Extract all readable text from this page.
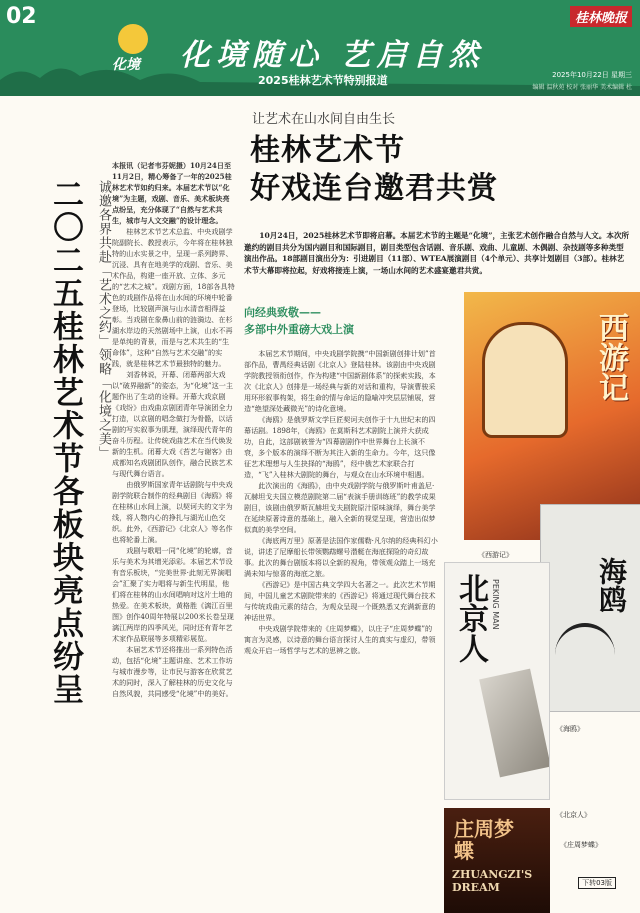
02
化境 化境随心 艺启自然
2025桂林艺术节特别报道
桂林晚报
2025年10月22日 星期三
编辑 温秋苑 校对 张丽华 美术编辑 杜
二〇二五桂林艺术节各板块亮点纷呈	诚邀各界共赴「艺术之约」领略「化境之美」

本报讯（记者韦芬妮摄）10月24日至11月2日，精心筹备了一年的2025桂林艺术节如约归来。本届艺术节以“化境”为主题，戏剧、音乐、美术板块亮点纷呈，充分体现了“自然与艺术共生，城市与人文交融”的设计理念。

桂林艺术节艺术总监、中央戏剧学院副院长、教授表示，今年将在桂林独特的山水实景之中，呈现一系列跨界、沉浸、具有在地美学的戏剧、音乐、美术作品，构建一座开放、立体、多元的“艺术之城”。戏剧方面，18部各具特色的戏剧作品将在山水间的环境中轮番登场，比较剧声演与山水清音相得益彰。当戏剧在象鼻山前的涟漪边、在杉湖水岸边的天然剧场中上演，山水不再是单纯的背景，而是与艺术共生的“生命体”，这种“自然与艺术交融”的实践，就是桂林艺术节最独特的魅力。

刘香林说，开幕、闭幕两部大戏以“破界融新”的姿态，为“化境”这一主题作出了生动的诠释。开幕大戏京剧《戏纷》由戏曲京剧团青年导演团全力打造，以京剧的唱念做打为骨骼，以话剧的写实叙事为肌理，演绎现代青年的奋斗历程。让传统戏曲艺术在当代焕发新的生机。闭幕大戏《苔艺与谢客》由成都知名戏剧团队创作，融合民族艺术与现代舞台语言。

由俄罗斯国家青年话剧院与中央戏剧学院联合制作的经典剧目《海鸥》将在桂林山水间上演，以契诃夫的文字为线，将人物内心的挣扎与湖光山色交织。此外，《西游记》《北京人》等名作也将轮番上演。

戏剧与歌唱一同“化境”的轮廓，音乐与美术为其增光添彩。本届艺术节设有音乐板块，“完美世界·此刻无界演唱会”汇聚了实力唱将与新生代明星，他们将在桂林的山水间唱响对这片土地的热爱。在美术板块，黄格胜《漓江百里图》创作40周年特展以200米长卷呈现漓江两岸的四季风光，同时还有青年艺术家作品联展等多项精彩展览。

本届艺术节还将推出一系列特色活动，包括“化境”主题讲座、艺术工作坊与城市漫步等，让市民与游客在欣赏艺术的同时，深入了解桂林的历史文化与自然风貌，共同感受“化境”中的美好。

让艺术在山水间自由生长
桂林艺术节
好戏连台邀君共赏
10月24日，2025桂林艺术节即将启幕。本届艺术节的主题是“化境”，主张艺术创作融合自然与人文。本次所邀约的剧目共分为国内剧目和国际剧目，剧目类型包含话剧、音乐剧、戏曲、儿童剧、木偶剧、杂技剧等多种类型演出作品。18部剧目演出分为：引进剧目（11部）、WTEA展演剧目（4个单元）、共享计划剧目（3部）。桂林艺术节大幕即将拉起，好戏将接连上演，一场山水间的艺术盛宴邀君共赏。
向经典致敬——
多部中外重磅大戏上演

本届艺术节期间，中央戏剧学院携“中国新剧创排计划”首部作品，曹禺经典话剧《北京人》登陆桂林。该剧由中央戏剧学院教授领衔创作，作为构建“中国新剧体系”的探索实践，本次《北京人》创排是一场经典与新的对话和重构，导演曹骏采用环形叙事构架，将生命的情与命运的隐喻冲突层层铺展，营造“绝望深处藏微光”的诗化意境。

《海鸥》是俄罗斯文学巨匠契诃夫创作于十九世纪末的四幕话剧。1898年，《海鸥》在莫斯科艺术剧院上演并大获成功，自此，这部剧被誉为“四幕剧剧作中世界舞台上长演不衰，多个版本的演绎不断为其注入新的生命力。今年，这只像征艺术理想与人生抉择的“海鸥”，经中俄艺术家联合打造，“飞”入桂林大剧院的舞台，与观众在山水环境中相遇。

此次演出的《海鸥》，由中央戏剧学院与俄罗斯叶甫盖尼·瓦赫坦戈夫国立模范剧院第二届“表演手册训练班”的教学成果剧目，该剧由俄罗斯瓦赫坦戈夫剧院原汁原味演绎，舞台美学在延续原著诗意的基础上，融入全新的视觉呈现，营造出似梦似真的美学空间。

《海底两万里》原著是法国作家儒勒·凡尔纳的经典科幻小说，讲述了尼摩船长带领鹦鹉螺号潜艇在海底探险的奇幻故事。此次的舞台剧版本将以全新的视角，带领观众踏上一场充满未知与惊喜的海底之旅。

《西游记》是中国古典文学四大名著之一。此次艺术节期间，中国儿童艺术剧院带来的《西游记》将通过现代舞台技术与传统戏曲元素的结合，为观众呈现一个既熟悉又充满新意的神话世界。

中央戏剧学院带来的《庄周梦蝶》，以庄子“庄周梦蝶”的寓言为灵感，以诗意的舞台语言探讨人生的真实与虚幻，带领观众开启一场哲学与艺术的思辨之旅。

西游记
《西游记》
海鸥
《海鸥》
北京人 PEKING MAN
《北京人》
庄周梦蝶
ZHUANGZI'S DREAM
《庄周梦蝶》
下转03版
